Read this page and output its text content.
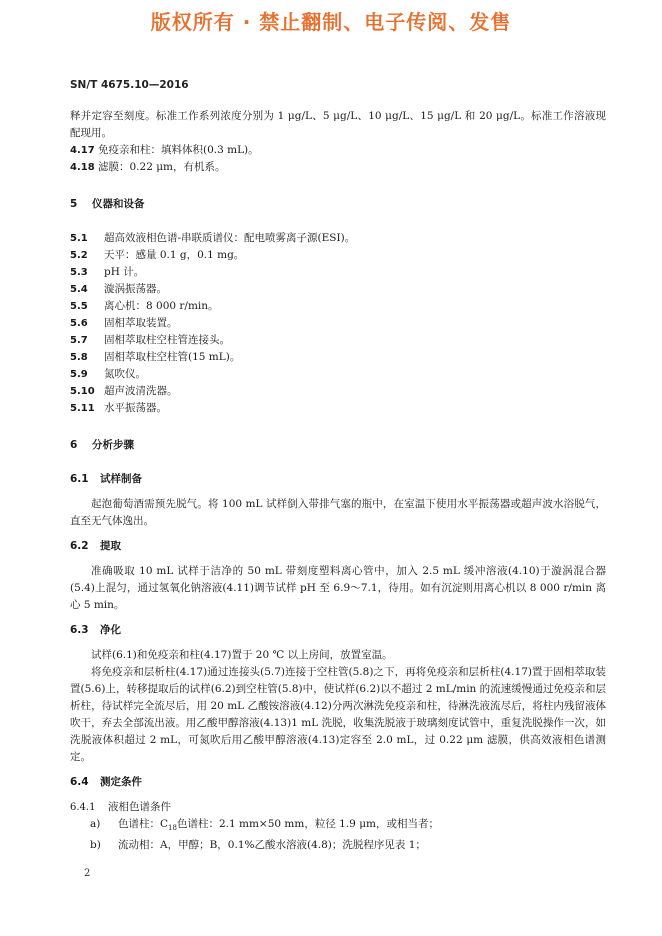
版权所有 · 禁止翻制、电子传阅、发售
SN/T 4675.10—2016

释并定容至刻度。标准工作系列浓度分别为 1 μg/L、5 μg/L、10 μg/L、15 μg/L 和 20 μg/L。标准工作溶液现配现用。

4.17 免疫亲和柱：填料体积(0.3 mL)。
4.18 滤膜：0.22 μm，有机系。
5	仪器和设备
5.1	超高效液相色谱-串联质谱仪：配电喷雾离子源(ESI)。
5.2	天平：感量 0.1 g，0.1 mg。
5.3	pH 计。
5.4	漩涡振荡器。
5.5	离心机：8 000 r/min。
5.6	固相萃取装置。
5.7	固相萃取柱空柱管连接头。
5.8	固相萃取柱空柱管(15 mL)。
5.9	氮吹仪。
5.10 超声波清洗器。
5.11 水平振荡器。
6	分析步骤
6.1	试样制备

起泡葡萄酒需预先脱气。将 100 mL 试样倒入带排气塞的瓶中，在室温下使用水平振荡器或超声波水浴脱气，直至无气体逸出。

6.2	提取

准确吸取 10 mL 试样于洁净的 50 mL 带刻度塑料离心管中，加入 2.5 mL 缓冲溶液(4.10)于漩涡混合器(5.4)上混匀，通过氢氧化钠溶液(4.11)调节试样 pH 至 6.9～7.1，待用。如有沉淀则用离心机以 8 000 r/min 离心 5 min。

6.3	净化

试样(6.1)和免疫亲和柱(4.17)置于 20 ℃ 以上房间，放置室温。

将免疫亲和层析柱(4.17)通过连接头(5.7)连接于空柱管(5.8)之下，再将免疫亲和层析柱(4.17)置于固相萃取装置(5.6)上，转移提取后的试样(6.2)到空柱管(5.8)中，使试样(6.2)以不超过 2 mL/min 的流速缓慢通过免疫亲和层析柱，待试样完全流尽后，用 20 mL 乙酸铵溶液(4.12)分两次淋洗免疫亲和柱，待淋洗液流尽后，将柱内残留液体吹干，弃去全部流出液。用乙酸甲醇溶液(4.13)1 mL 洗脱，收集洗脱液于玻璃刻度试管中，重复洗脱操作一次，如洗脱液体积超过 2 mL，可氮吹后用乙酸甲醇溶液(4.13)定容至 2.0 mL，过 0.22 μm 滤膜，供高效液相色谱测定。

6.4	测定条件
6.4.1	液相色谱条件
a)	色谱柱：$C_{18}$色谱柱：2.1 mm×50 mm，粒径 1.9 μm，或相当者；
b)	流动相：A，甲醇；B，0.1%乙酸水溶液(4.8)；洗脱程序见表 1；
2
